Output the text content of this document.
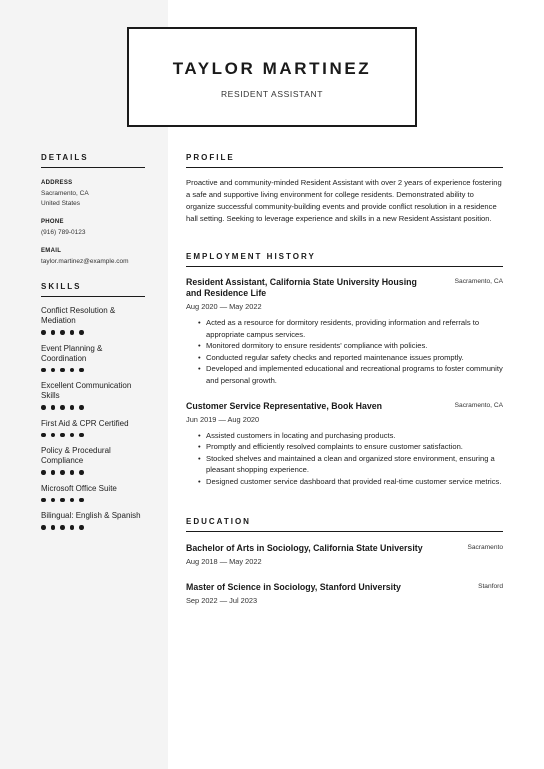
TAYLOR MARTINEZ
RESIDENT ASSISTANT
DETAILS
ADDRESS
Sacramento, CA
United States
PHONE
(916) 789-0123
EMAIL
taylor.martinez@example.com
SKILLS
Conflict Resolution & Mediation
Event Planning & Coordination
Excellent Communication Skills
First Aid & CPR Certified
Policy & Procedural Compliance
Microsoft Office Suite
Bilingual: English & Spanish
PROFILE
Proactive and community-minded Resident Assistant with over 2 years of experience fostering a safe and supportive living environment for college residents. Demonstrated ability to organize successful community-building events and provide conflict resolution in a residence hall setting. Seeking to leverage experience and skills in a new Resident Assistant position.
EMPLOYMENT HISTORY
Resident Assistant, California State University Housing and Residence Life
Sacramento, CA
Aug 2020 — May 2022
• Acted as a resource for dormitory residents, providing information and referrals to appropriate campus services.
• Monitored dormitory to ensure residents' compliance with policies.
• Conducted regular safety checks and reported maintenance issues promptly.
• Developed and implemented educational and recreational programs to foster community and personal growth.
Customer Service Representative, Book Haven	Sacramento, CA
Jun 2019 — Aug 2020
• Assisted customers in locating and purchasing products.
• Promptly and efficiently resolved complaints to ensure customer satisfaction.
• Stocked shelves and maintained a clean and organized store environment, ensuring a pleasant shopping experience.
• Designed customer service dashboard that provided real-time customer service metrics.
EDUCATION
Bachelor of Arts in Sociology, California State University	Sacramento
Aug 2018 — May 2022
Master of Science in Sociology, Stanford University	Stanford
Sep 2022 — Jul 2023
